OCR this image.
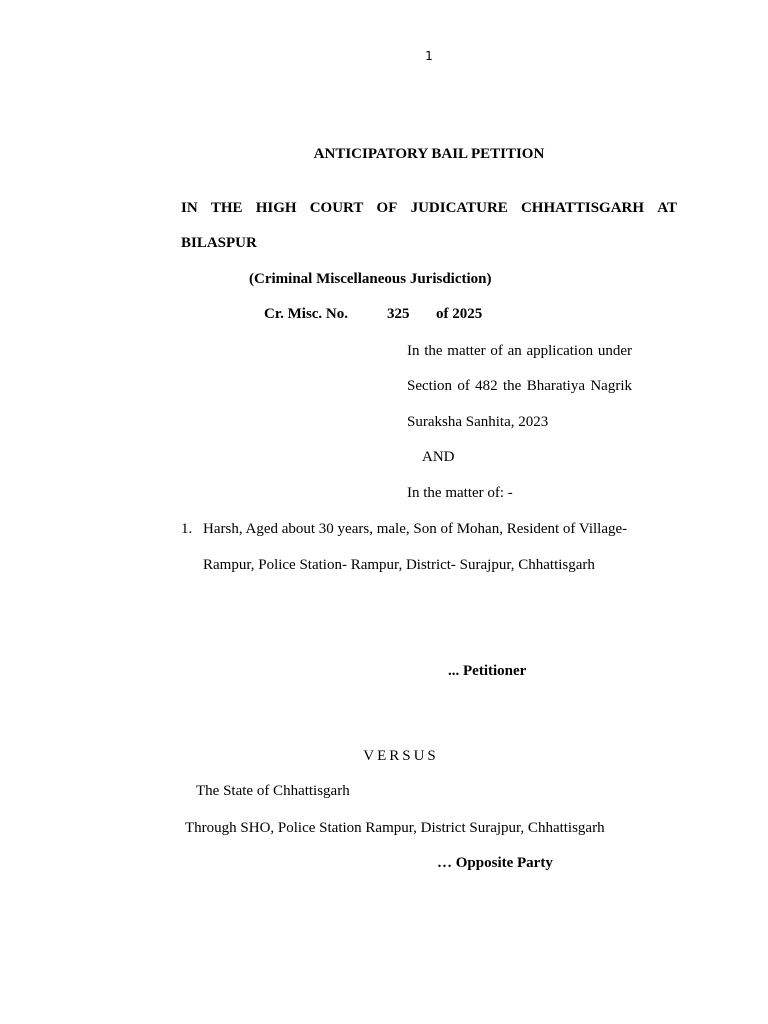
1
ANTICIPATORY BAIL PETITION
IN THE HIGH COURT OF JUDICATURE CHHATTISGARH AT
BILASPUR
(Criminal Miscellaneous Jurisdiction)
Cr. Misc. No.	325 of 2025
In the matter of an application under
Section of 482 the Bharatiya Nagrik
Suraksha Sanhita, 2023
AND
In the matter of: -
1. Harsh, Aged about 30 years, male, Son of Mohan, Resident of Village-
Rampur, Police Station- Rampur, District- Surajpur, Chhattisgarh
... Petitioner
VERSUS
The State of Chhattisgarh
Through SHO, Police Station Rampur, District Surajpur, Chhattisgarh
… Opposite Party
